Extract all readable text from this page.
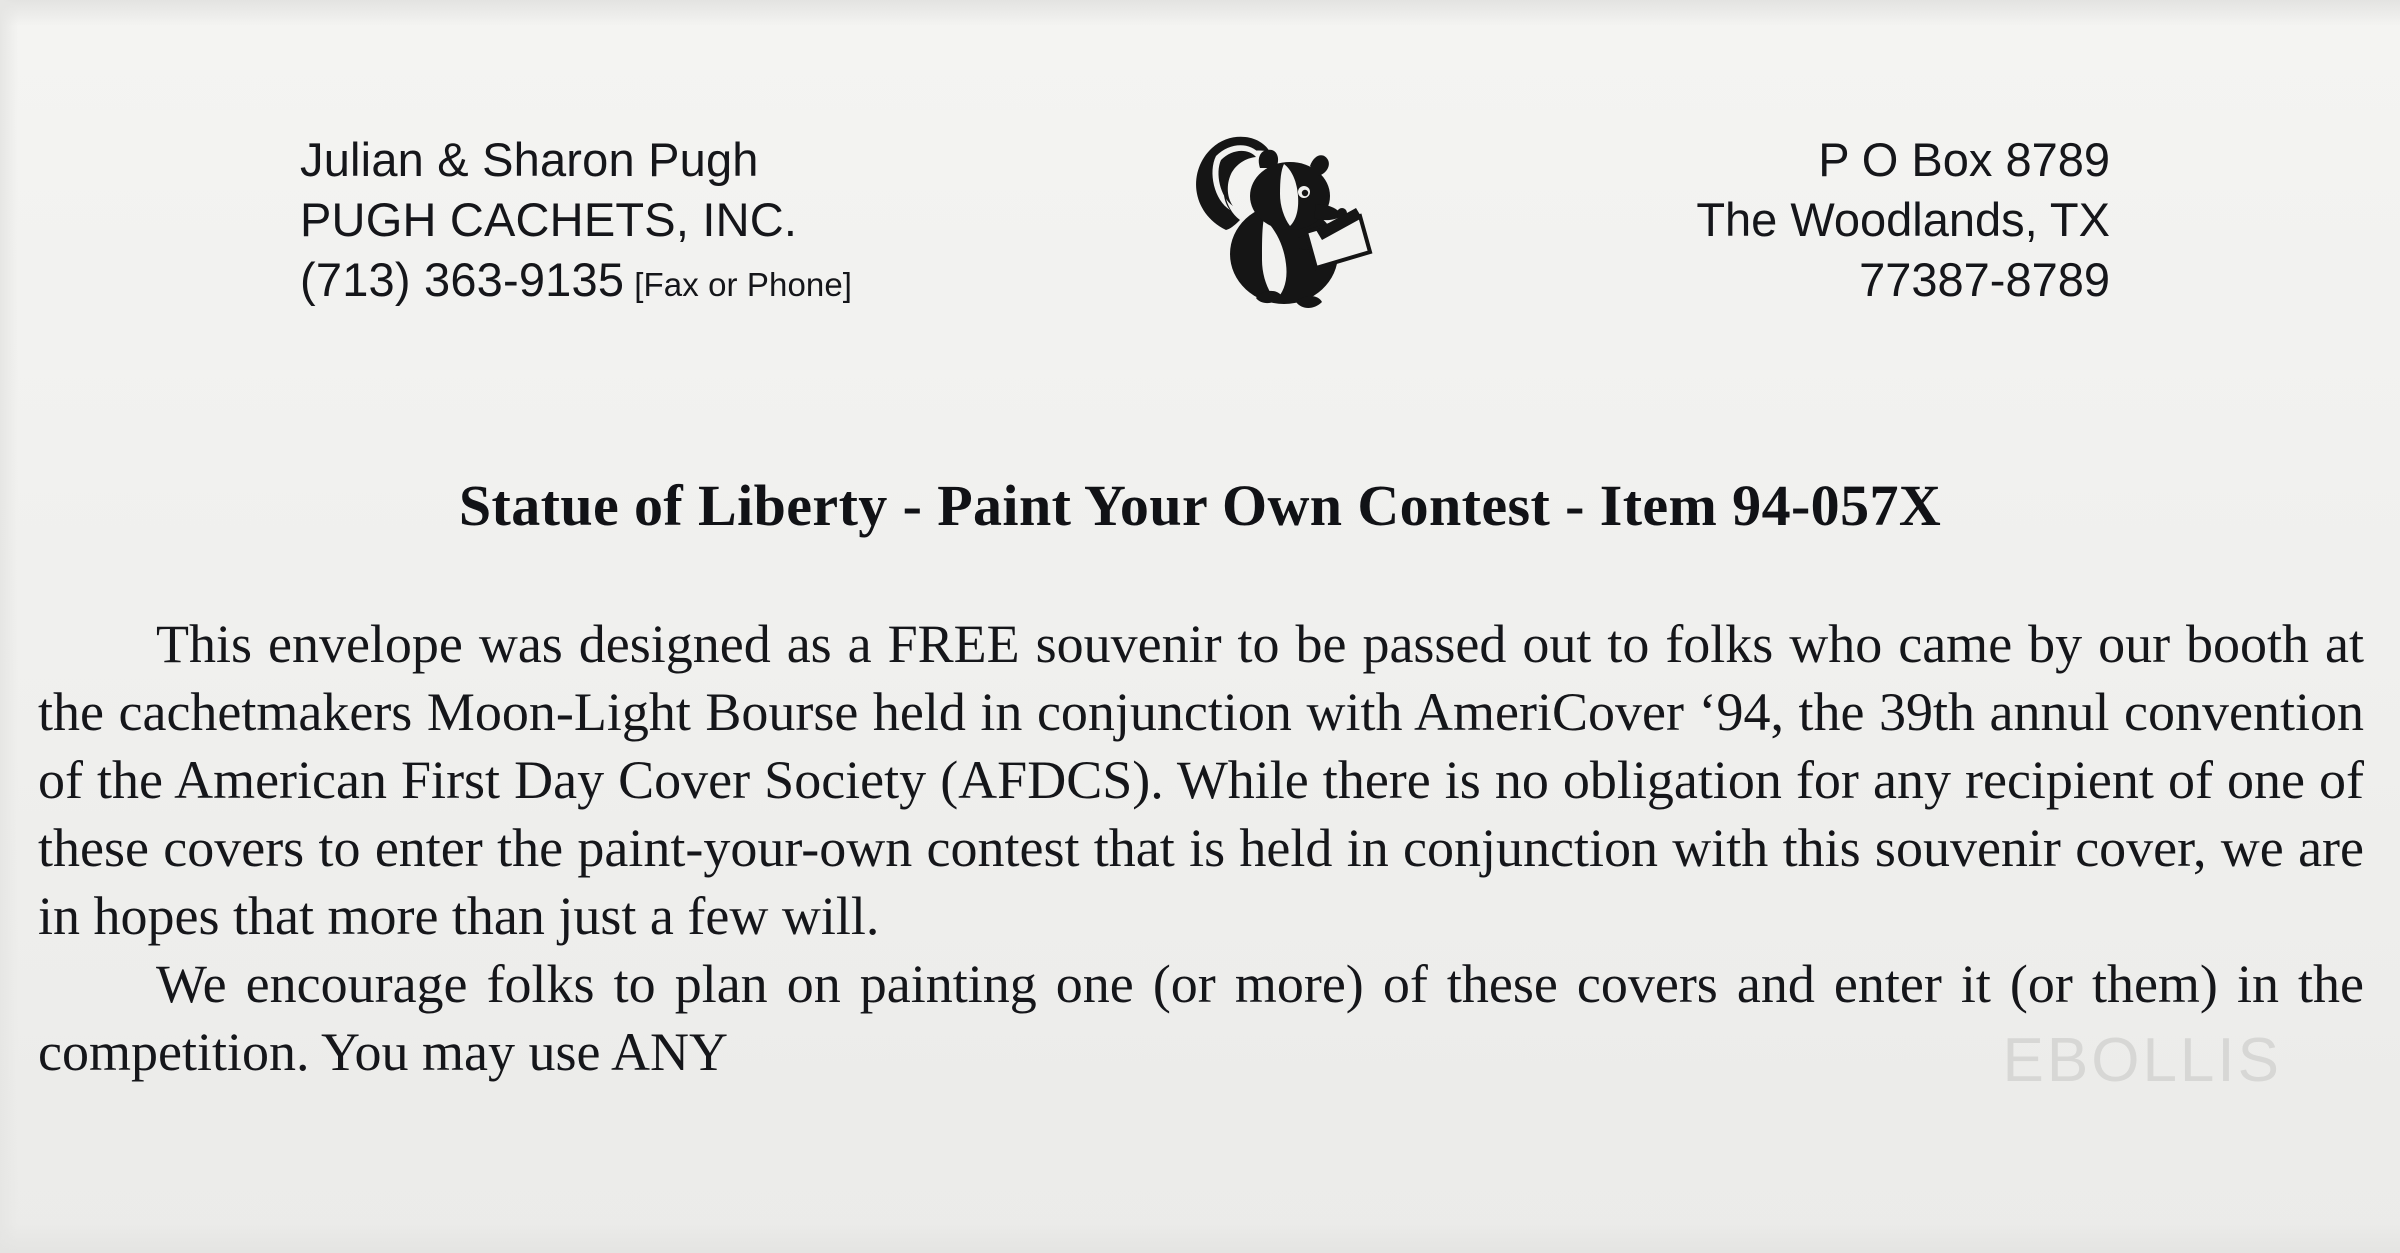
Julian & Sharon Pugh
PUGH CACHETS, INC.
(713) 363-9135 [Fax or Phone]
P O Box 8789
The Woodlands, TX
77387-8789
Statue of Liberty - Paint Your Own Contest - Item 94-057X

This envelope was designed as a FREE souvenir to be passed out to folks who came by our booth at the cachetmakers Moon-Light Bourse held in conjunction with AmeriCover ‘94, the 39th annul convention of the American First Day Cover Society (AFDCS). While there is no obligation for any recipient of one of these covers to enter the paint-your-own contest that is held in conjunction with this souvenir cover, we are in hopes that more than just a few will.

We encourage folks to plan on painting one (or more) of these covers and enter it (or them) in the competition. You may use ANY	EBOLLIS
